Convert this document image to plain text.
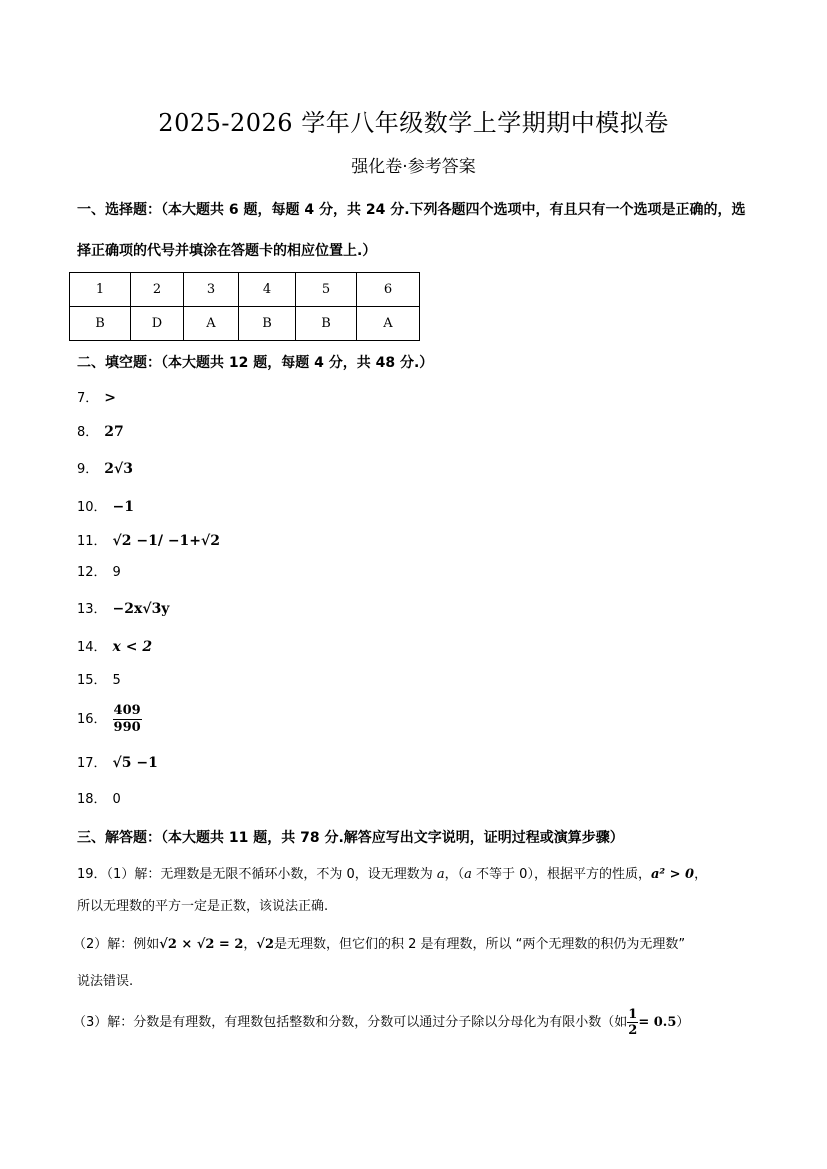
2025-2026 学年八年级数学上学期期中模拟卷
强化卷·参考答案
一、选择题：（本大题共 6 题，每题 4 分，共 24 分.下列各题四个选项中，有且只有一个选项是正确的，选
择正确项的代号并填涂在答题卡的相应位置上.）
1	2	3	4	5	6
B	D	A	B	B	A
二、填空题：（本大题共 12 题，每题 4 分，共 48 分.）
7． >
8． 27
9． 2√3
10． −1
11． √2 −1/ −1+√2
12． 9
13． −2x√3y
14． x < 2
15． 5
16． $\frac{409}{990}$
17． √5 −1
18． 0
三、解答题：（本大题共 11 题，共 78 分.解答应写出文字说明，证明过程或演算步骤）
19．（1）解：无理数是无限不循环小数，不为 0，设无理数为 a，（a 不等于 0），根据平方的性质，a² > 0，
所以无理数的平方一定是正数，该说法正确.
（2）解：例如√2 × √2 = 2，√2是无理数，但它们的积 2 是有理数，所以 “两个无理数的积仍为无理数”
说法错误.
（3）解：分数是有理数，有理数包括整数和分数，分数可以通过分子除以分母化为有限小数（如 $\frac{1}{2} = 0.5$）
